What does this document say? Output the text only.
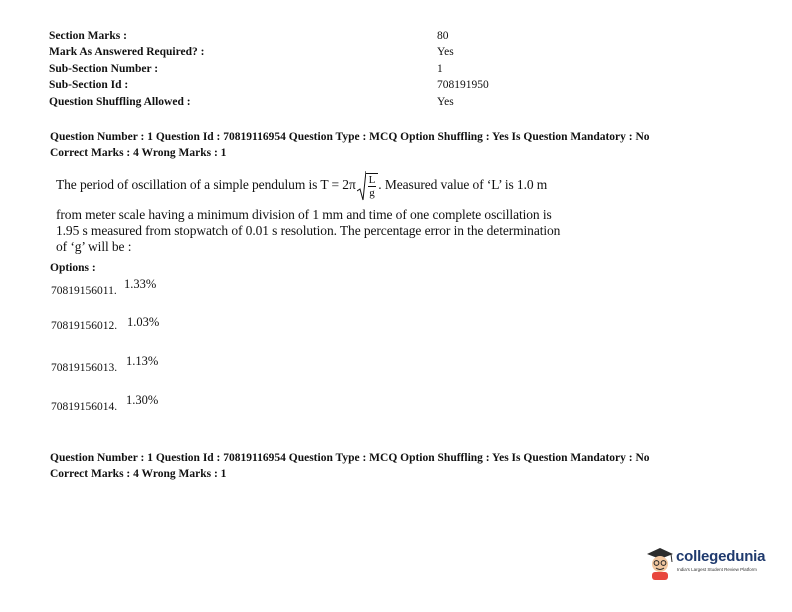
Section Marks :	80
Mark As Answered Required? :	Yes
Sub-Section Number :	1
Sub-Section Id :	708191950
Question Shuffling Allowed :	Yes
Question Number : 1 Question Id : 70819116954 Question Type : MCQ Option Shuffling : Yes Is Question Mandatory : No
Correct Marks : 4 Wrong Marks : 1
The period of oscillation of a simple pendulum is $T = 2\pi \frac{L}{g}$ . Measured value of ‘L’ is 1.0 m
from meter scale having a minimum division of 1 mm and time of one complete oscillation is
1.95 s measured from stopwatch of 0.01 s resolution. The percentage error in the determination
of ‘g’ will be :
Options :
70819156011. 1.33%
70819156012. 1.03%
70819156013. 1.13%
70819156014. 1.30%
Question Number : 1 Question Id : 70819116954 Question Type : MCQ Option Shuffling : Yes Is Question Mandatory : No
Correct Marks : 4 Wrong Marks : 1
collegedunia
India's Largest Student Review Platform
